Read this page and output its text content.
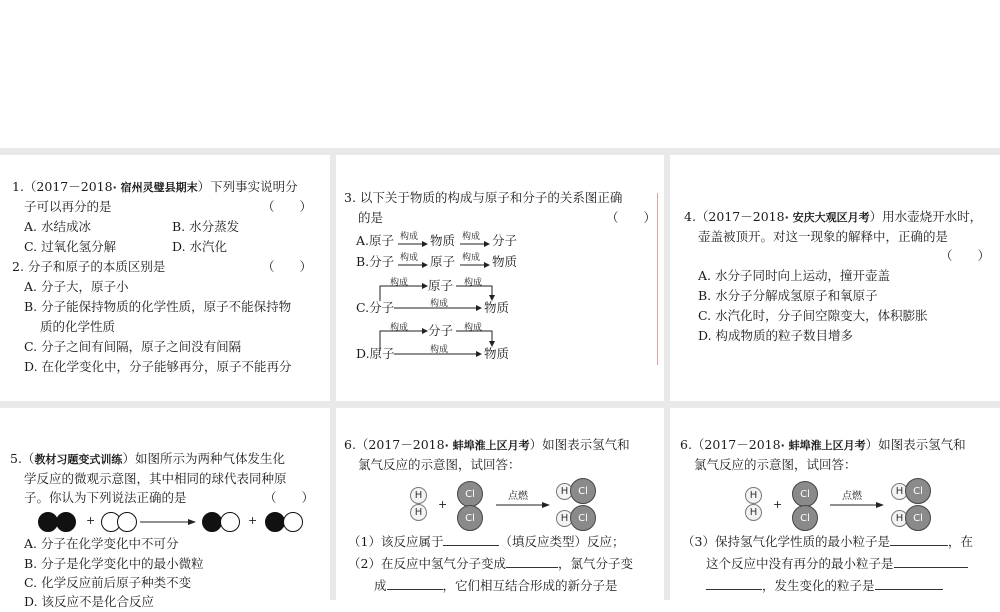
1.（2017－2018· 宿州灵璧县期末）下列事实说明分
子可以再分的是	（　　）
A. 水结成冰	B. 水分蒸发
C. 过氧化氢分解	D. 水汽化
2. 分子和原子的本质区别是	（　　）
A. 分子大，原子小
B. 分子能保持物质的化学性质，原子不能保持物
质的化学性质
C. 分子之间有间隔，原子之间没有间隔
D. 在化学变化中，分子能够再分，原子不能再分
3. 以下关于物质的构成与原子和分子的关系图正确
的是	（　　）
A.原子 构成 物质 构成 分子
B.分子 构成 原子 构成 物质
构成 原子 构成
C.分子	构成	物质
构成 分子 构成
D.原子	构成	物质
4.（2017－2018· 安庆大观区月考）用水壶烧开水时，
壶盖被顶开。对这一现象的解释中，正确的是
（　　）
A. 水分子同时向上运动，撞开壶盖
B. 水分子分解成氢原子和氧原子
C. 水汽化时，分子间空隙变大，体积膨胀
D. 构成物质的粒子数目增多
5.（教材习题变式训练）如图所示为两种气体发生化
学反应的微观示意图，其中相同的球代表同种原
子。你认为下列说法正确的是	（　　）
+	+
A. 分子在化学变化中不可分
B. 分子是化学变化中的最小微粒
C. 化学反应前后原子种类不变
D. 该反应不是化合反应
6.（2017－2018· 蚌埠淮上区月考）如图表示氢气和
氯气反应的示意图，试回答：
H
H
+
Cl
Cl
点燃	H Cl
H Cl
（1）该反应属于	（填反应类型）反应；
（2）在反应中氢气分子变成	，氯气分子变
成	，它们相互结合形成的新分子是
6.（2017－2018· 蚌埠淮上区月考）如图表示氢气和
氯气反应的示意图，试回答：
H
H
+
Cl
Cl
点燃	H Cl
H Cl
（3）保持氢气化学性质的最小粒子是	，在
这个反应中没有再分的最小粒子是
，发生变化的粒子是
